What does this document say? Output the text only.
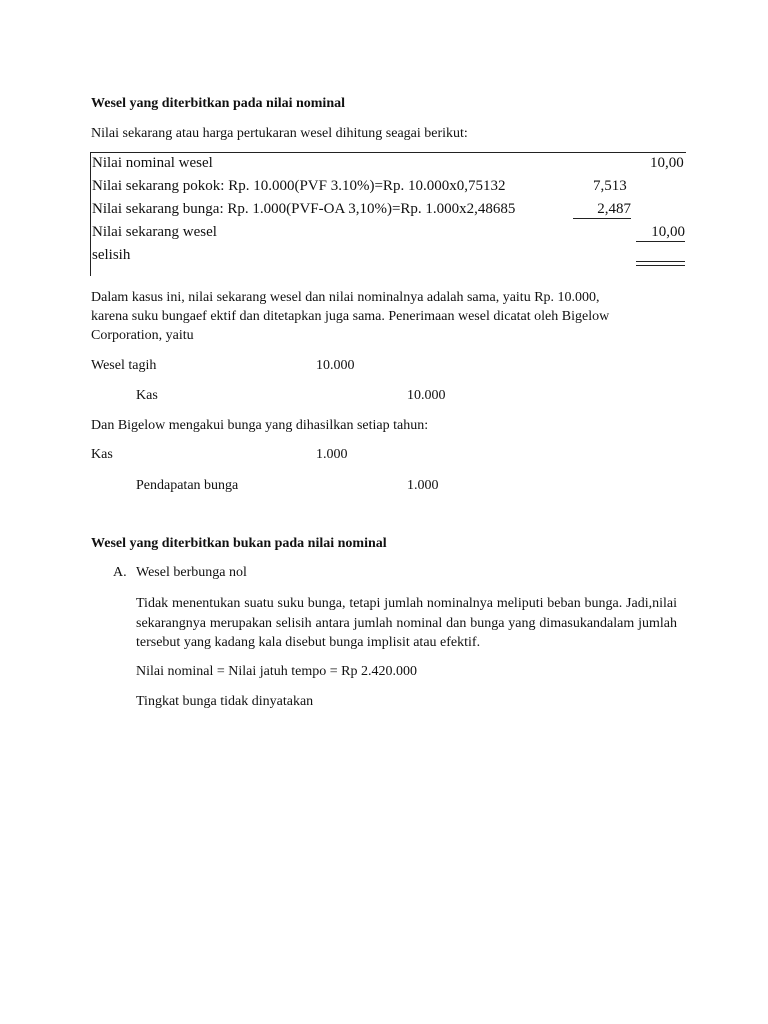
Wesel yang diterbitkan pada nilai nominal
Nilai sekarang atau harga pertukaran wesel dihitung seagai berikut:
Nilai nominal wesel	10,00
Nilai sekarang pokok: Rp. 10.000(PVF 3.10%)=Rp. 10.000x0,75132	7,513
Nilai sekarang bunga: Rp. 1.000(PVF-OA 3,10%)=Rp. 1.000x2,48685	2,487
Nilai sekarang wesel	10,00
selisih
Dalam kasus ini, nilai sekarang wesel dan nilai nominalnya adalah sama, yaitu Rp. 10.000,
karena suku bungaef ektif dan ditetapkan juga sama. Penerimaan wesel dicatat oleh Bigelow
Corporation, yaitu
Wesel tagih	10.000
Kas	10.000
Dan Bigelow mengakui bunga yang dihasilkan setiap tahun:
Kas	1.000
Pendapatan bunga	1.000
Wesel yang diterbitkan bukan pada nilai nominal
A. Wesel berbunga nol
Tidak menentukan suatu suku bunga, tetapi jumlah nominalnya meliputi beban bunga. Jadi,nilai sekarangnya merupakan selisih antara jumlah nominal dan bunga yang dimasukandalam jumlah tersebut yang kadang kala disebut bunga implisit atau efektif.
Nilai nominal = Nilai jatuh tempo = Rp 2.420.000
Tingkat bunga tidak dinyatakan
